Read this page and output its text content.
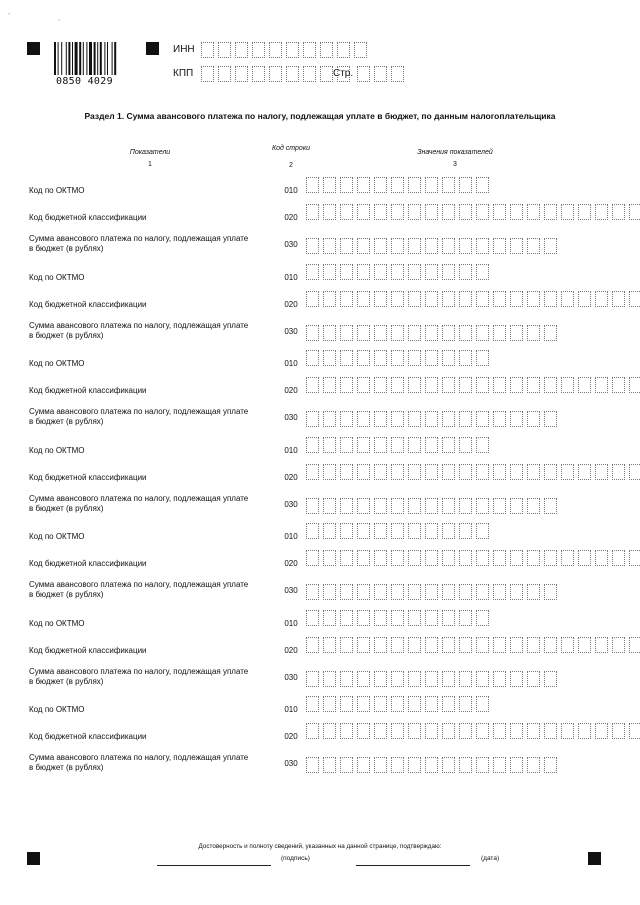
ˋ
´
0850 4029
ИНН
КПП	Стр.
Раздел 1. Сумма авансового платежа по налогу, подлежащая уплате в бюджет, по данным налогоплательщика
Показатели
1
Код строки
2
Значения показателей
3
Код по ОКТМО	010
Код бюджетной классификации	020
Сумма авансового платежа по налогу, подлежащая уплате в бюджет (в рублях)	030
Код по ОКТМО	010
Код бюджетной классификации	020
Сумма авансового платежа по налогу, подлежащая уплате в бюджет (в рублях)	030
Код по ОКТМО	010
Код бюджетной классификации	020
Сумма авансового платежа по налогу, подлежащая уплате в бюджет (в рублях)	030
Код по ОКТМО	010
Код бюджетной классификации	020
Сумма авансового платежа по налогу, подлежащая уплате в бюджет (в рублях)	030
Код по ОКТМО	010
Код бюджетной классификации	020
Сумма авансового платежа по налогу, подлежащая уплате в бюджет (в рублях)	030
Код по ОКТМО	010
Код бюджетной классификации	020
Сумма авансового платежа по налогу, подлежащая уплате в бюджет (в рублях)	030
Код по ОКТМО	010
Код бюджетной классификации	020
Сумма авансового платежа по налогу, подлежащая уплате в бюджет (в рублях)	030
Достоверность и полноту сведений, указанных на данной странице, подтверждаю:
(подпись)	(дата)
